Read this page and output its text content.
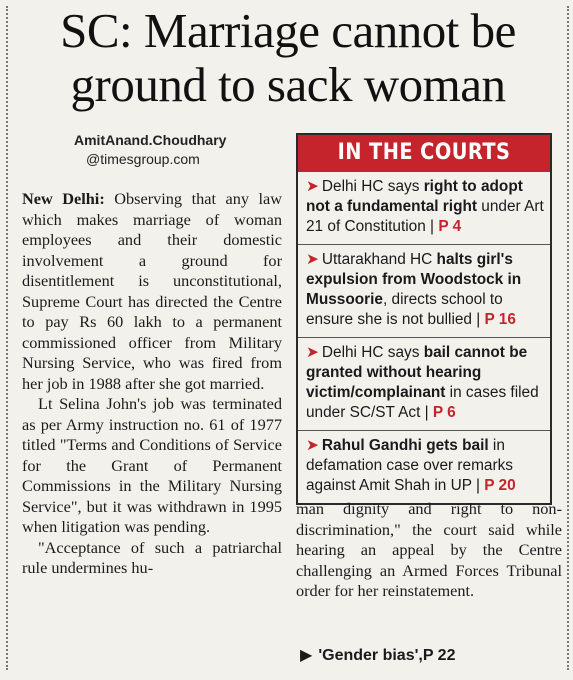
SC: Marriage cannot be
ground to sack woman
AmitAnand.Choudhary
@timesgroup.com

New Delhi: Observing that any law which makes marriage of woman employees and their domestic involvement a ground for disentitlement is unconstitutional, Supreme Court has directed the Centre to pay Rs 60 lakh to a permanent commissioned officer from Military Nursing Service, who was fired from her job in 1988 after she got married.

Lt Selina John's job was terminated as per Army instruction no. 61 of 1977 titled "Terms and Conditions of Service for the Grant of Permanent Commissions in the Military Nursing Service", but it was withdrawn in 1995 when litigation was pending.

"Acceptance of such a patriarchal rule undermines hu-

IN THE COURTS
➤ Delhi HC says right to adopt not a fundamental right under Art 21 of Constitution | P 4
➤ Uttarakhand HC halts girl's expulsion from Woodstock in Mussoorie, directs school to ensure she is not bullied | P 16
➤ Delhi HC says bail cannot be granted without hearing victim/complainant in cases filed under SC/ST Act | P 6
➤ Rahul Gandhi gets bail in defamation case over remarks against Amit Shah in UP | P 20
man dignity and right to non-discrimination," the court said while hearing an appeal by the Centre challenging an Armed Forces Tribunal order for her reinstatement.
▶ 'Gender bias',P 22
